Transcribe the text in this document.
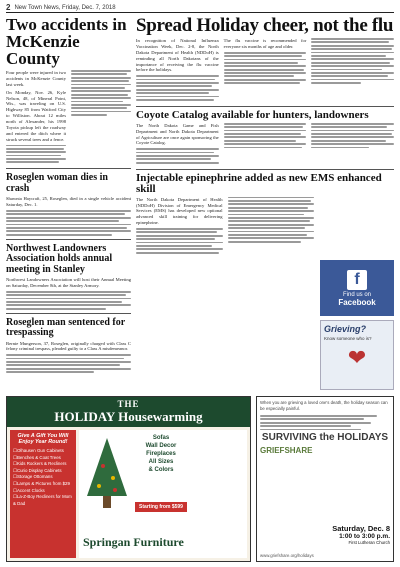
2 New Town News, Friday, Dec. 7, 2018
Two accidents in McKenzie County

Four people were injured in two accidents in McKenzie County last week.

On Monday, Nov. 26, Kyle Nelson, 48, of Mineral Point, Wis., was traveling on U.S. Highway 85 from Watford City to Williston. About 12 miles north of Alexander, his 1998 Toyota pickup left the roadway and entered the ditch where it struck several trees and a fence.

Roseglen woman dies in crash

Shawnta Haycraft, 25, Roseglen, died in a single vehicle accident Saturday, Dec. 1.

Northwest Landowners Association holds annual meeting in Stanley

Northwest Landowners Association will host their Annual Meeting on Saturday, December 8th, at the Stanley Armory.

Roseglen man sentenced for trespassing

Bernie Mungerson, 37, Roseglen, originally charged with Class C felony criminal trespass, pleaded guilty to a Class A misdemeanor.

Spread Holiday cheer, not the flu

In recognition of National Influenza Vaccination Week, Dec. 2-8, the North Dakota Department of Health (NDDoH) is reminding all North Dakotans of the importance of receiving the flu vaccine before the holidays.

The flu vaccine is recommended for everyone six months of age and older.

Coyote Catalog available for hunters, landowners

The North Dakota Game and Fish Department and North Dakota Department of Agriculture are once again sponsoring the Coyote Catalog.

Injectable epinephrine added as new EMS enhanced skill

The North Dakota Department of Health (NDDoH) Division of Emergency Medical Services (EMS) has developed new optional advanced skill training for delivering epinephrine.

f
Find us on
Facebook
Grieving?
Know someone who is?
❤
THE
HOLIDAY Housewarming
Give A Gift You Will Enjoy Year Round!
☐ Olhausen Gun Cabinets
☐ Benches & Coat Trees
☐ Kids Rockers & Recliners
☐ Curio Display Cabinets
☐ Storage Ottomans
☐ Lamps & Pictures from $29
☐ Accent Clocks
☐ La-Z-Boy Recliners for Mom & Dad
Sofas
Wall Decor
Fireplaces
All Sizes
& Colors
Starting from $599
Springan Furniture
When you are grieving a loved one's death, the holiday season can be especially painful.
SURVIVING the HOLIDAYS
GRIEFSHARE
Saturday, Dec. 8
1:00 to 3:00 p.m.
First Lutheran Church
www.griefshare.org/holidays
